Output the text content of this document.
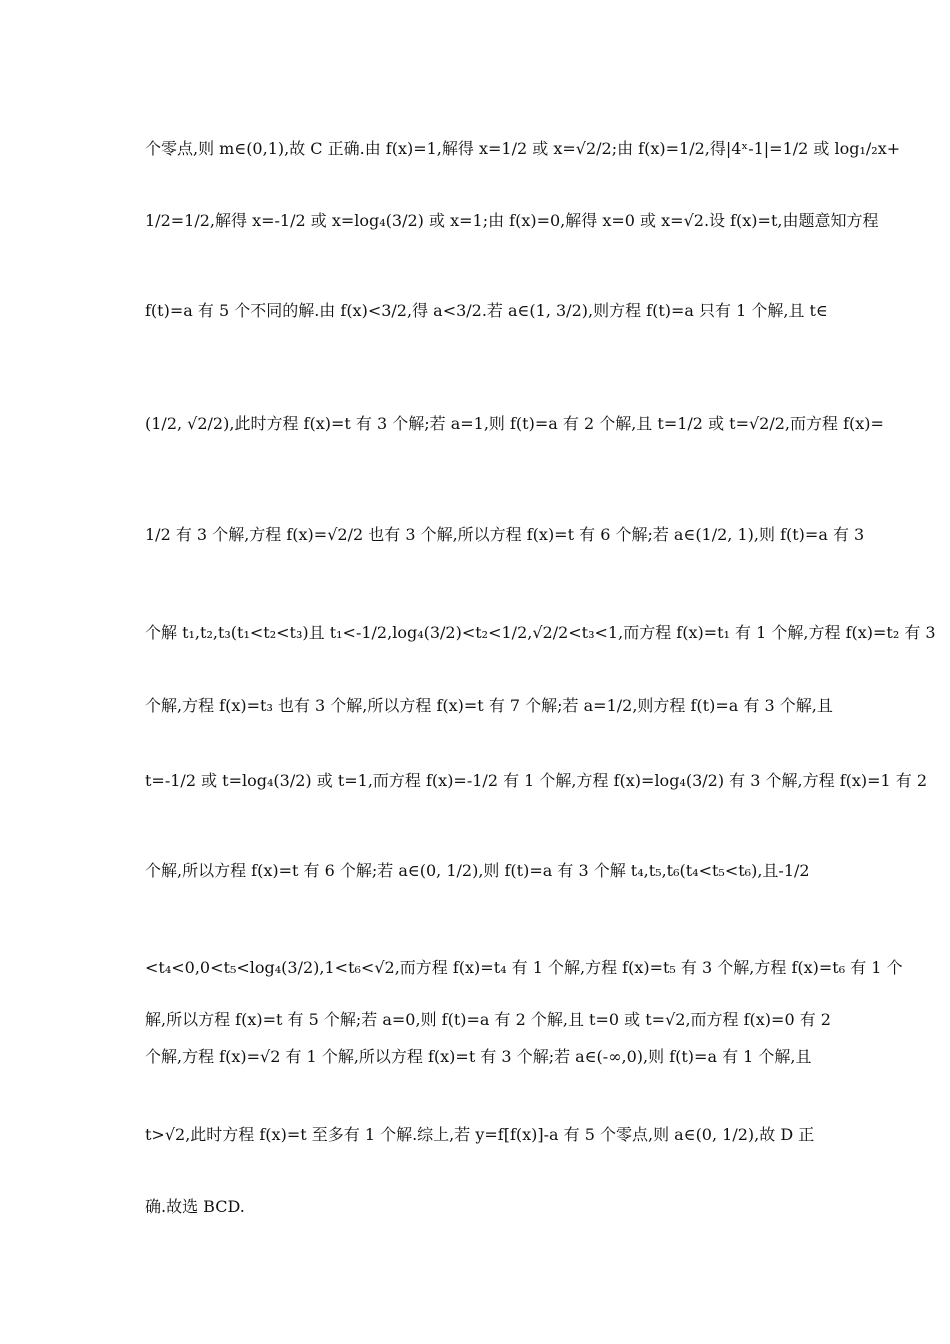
个零点,则 m∈(0,1),故 C 正确.由 f(x)=1,解得 x=1/2 或 x=√2/2;由 f(x)=1/2,得|4ˣ-1|=1/2 或 log₁/₂x+
1/2=1/2,解得 x=-1/2 或 x=log₄(3/2) 或 x=1;由 f(x)=0,解得 x=0 或 x=√2.设 f(x)=t,由题意知方程
f(t)=a 有 5 个不同的解.由 f(x)<3/2,得 a<3/2.若 a∈(1, 3/2),则方程 f(t)=a 只有 1 个解,且 t∈
(1/2, √2/2),此时方程 f(x)=t 有 3 个解;若 a=1,则 f(t)=a 有 2 个解,且 t=1/2 或 t=√2/2,而方程 f(x)=
1/2 有 3 个解,方程 f(x)=√2/2 也有 3 个解,所以方程 f(x)=t 有 6 个解;若 a∈(1/2, 1),则 f(t)=a 有 3
个解 t₁,t₂,t₃(t₁<t₂<t₃)且 t₁<-1/2,log₄(3/2)<t₂<1/2,√2/2<t₃<1,而方程 f(x)=t₁ 有 1 个解,方程 f(x)=t₂ 有 3
个解,方程 f(x)=t₃ 也有 3 个解,所以方程 f(x)=t 有 7 个解;若 a=1/2,则方程 f(t)=a 有 3 个解,且
t=-1/2 或 t=log₄(3/2) 或 t=1,而方程 f(x)=-1/2 有 1 个解,方程 f(x)=log₄(3/2) 有 3 个解,方程 f(x)=1 有 2
个解,所以方程 f(x)=t 有 6 个解;若 a∈(0, 1/2),则 f(t)=a 有 3 个解 t₄,t₅,t₆(t₄<t₅<t₆),且-1/2
<t₄<0,0<t₅<log₄(3/2),1<t₆<√2,而方程 f(x)=t₄ 有 1 个解,方程 f(x)=t₅ 有 3 个解,方程 f(x)=t₆ 有 1 个
解,所以方程 f(x)=t 有 5 个解;若 a=0,则 f(t)=a 有 2 个解,且 t=0 或 t=√2,而方程 f(x)=0 有 2
个解,方程 f(x)=√2 有 1 个解,所以方程 f(x)=t 有 3 个解;若 a∈(-∞,0),则 f(t)=a 有 1 个解,且
t>√2,此时方程 f(x)=t 至多有 1 个解.综上,若 y=f[f(x)]-a 有 5 个零点,则 a∈(0, 1/2),故 D 正
确.故选 BCD.
